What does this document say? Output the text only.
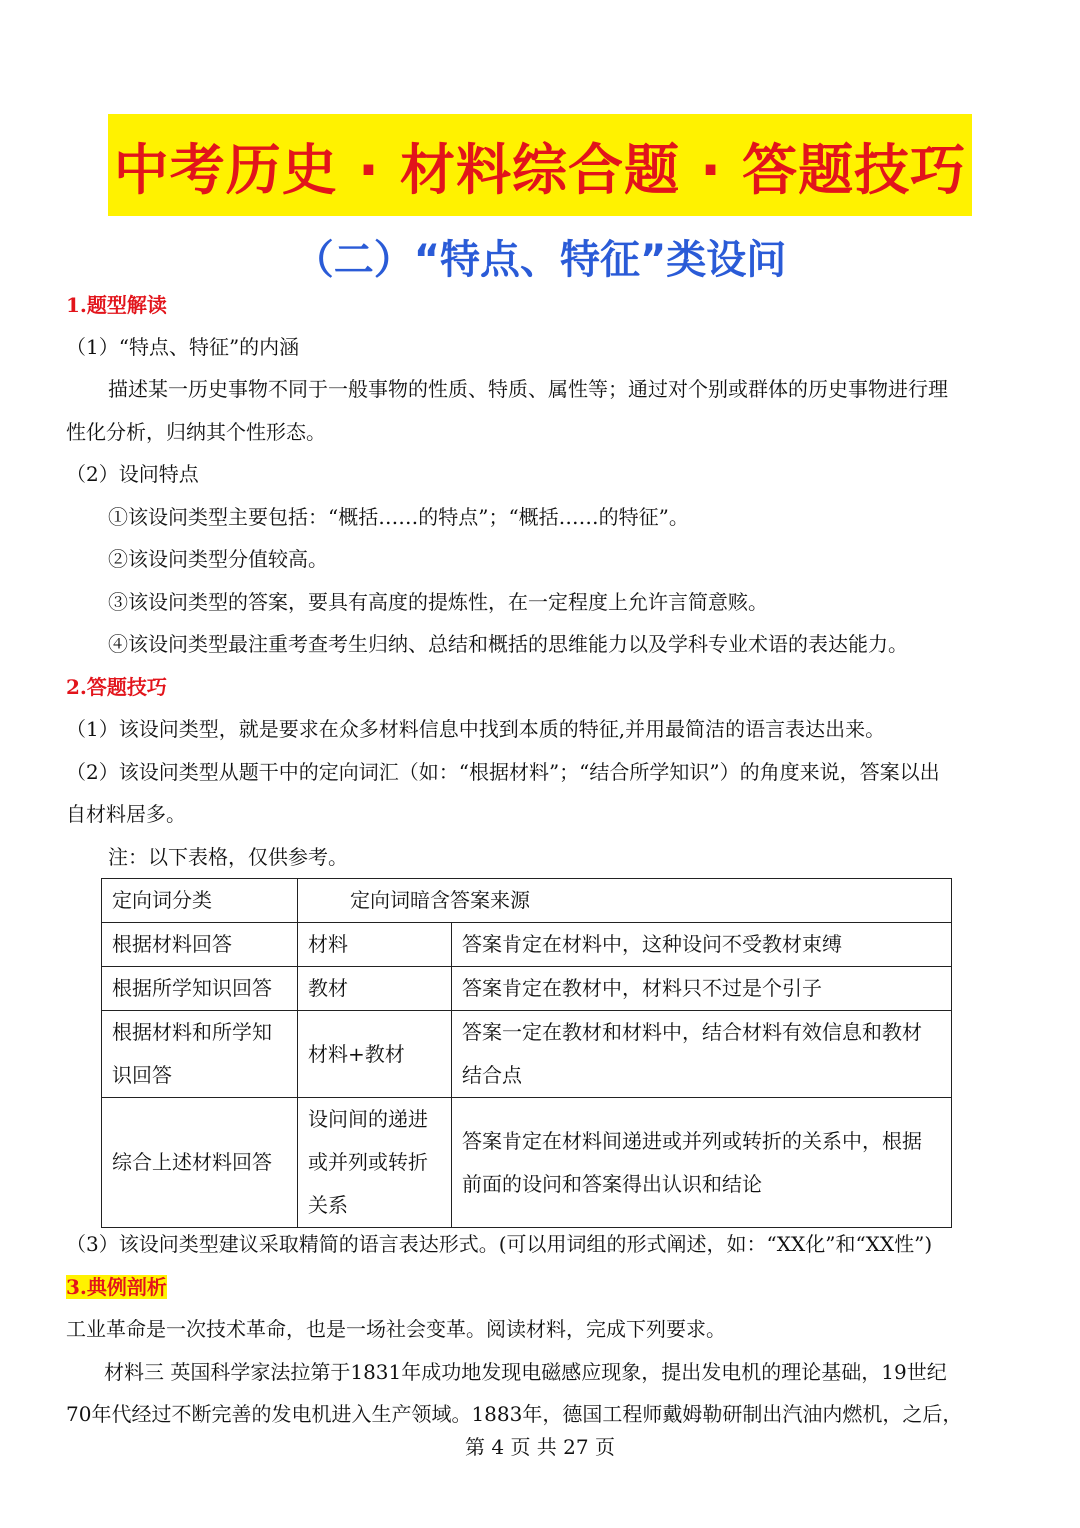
中考历史 · 材料综合题 · 答题技巧
（二）“特点、特征”类设问
1.题型解读
（1）“特点、特征”的内涵
描述某一历史事物不同于一般事物的性质、特质、属性等；通过对个别或群体的历史事物进行理
性化分析，归纳其个性形态。
（2）设问特点
①该设问类型主要包括：“概括……的特点”；“概括……的特征”。
②该设问类型分值较高。
③该设问类型的答案，要具有高度的提炼性，在一定程度上允许言简意赅。
④该设问类型最注重考查考生归纳、总结和概括的思维能力以及学科专业术语的表达能力。
2.答题技巧
（1）该设问类型，就是要求在众多材料信息中找到本质的特征,并用最简洁的语言表达出来。
（2）该设问类型从题干中的定向词汇（如：“根据材料”；“结合所学知识”）的角度来说，答案以出
自材料居多。
注：以下表格，仅供参考。
定向词分类	定向词暗含答案来源	
根据材料回答	材料	答案肯定在材料中，这种设问不受教材束缚
根据所学知识回答	教材	答案肯定在教材中，材料只不过是个引子
根据材料和所学知识回答	材料+教材	答案一定在教材和材料中，结合材料有效信息和教材结合点
综合上述材料回答	设问间的递进或并列或转折关系	答案肯定在材料间递进或并列或转折的关系中，根据前面的设问和答案得出认识和结论
（3）该设问类型建议采取精简的语言表达形式。(可以用词组的形式阐述，如：“XX化”和“XX性”)
3.典例剖析
工业革命是一次技术革命，也是一场社会变革。阅读材料，完成下列要求。
材料三 英国科学家法拉第于1831年成功地发现电磁感应现象，提出发电机的理论基础，19世纪
70年代经过不断完善的发电机进入生产领域。1883年，德国工程师戴姆勒研制出汽油内燃机，之后，
第 4 页 共 27 页
